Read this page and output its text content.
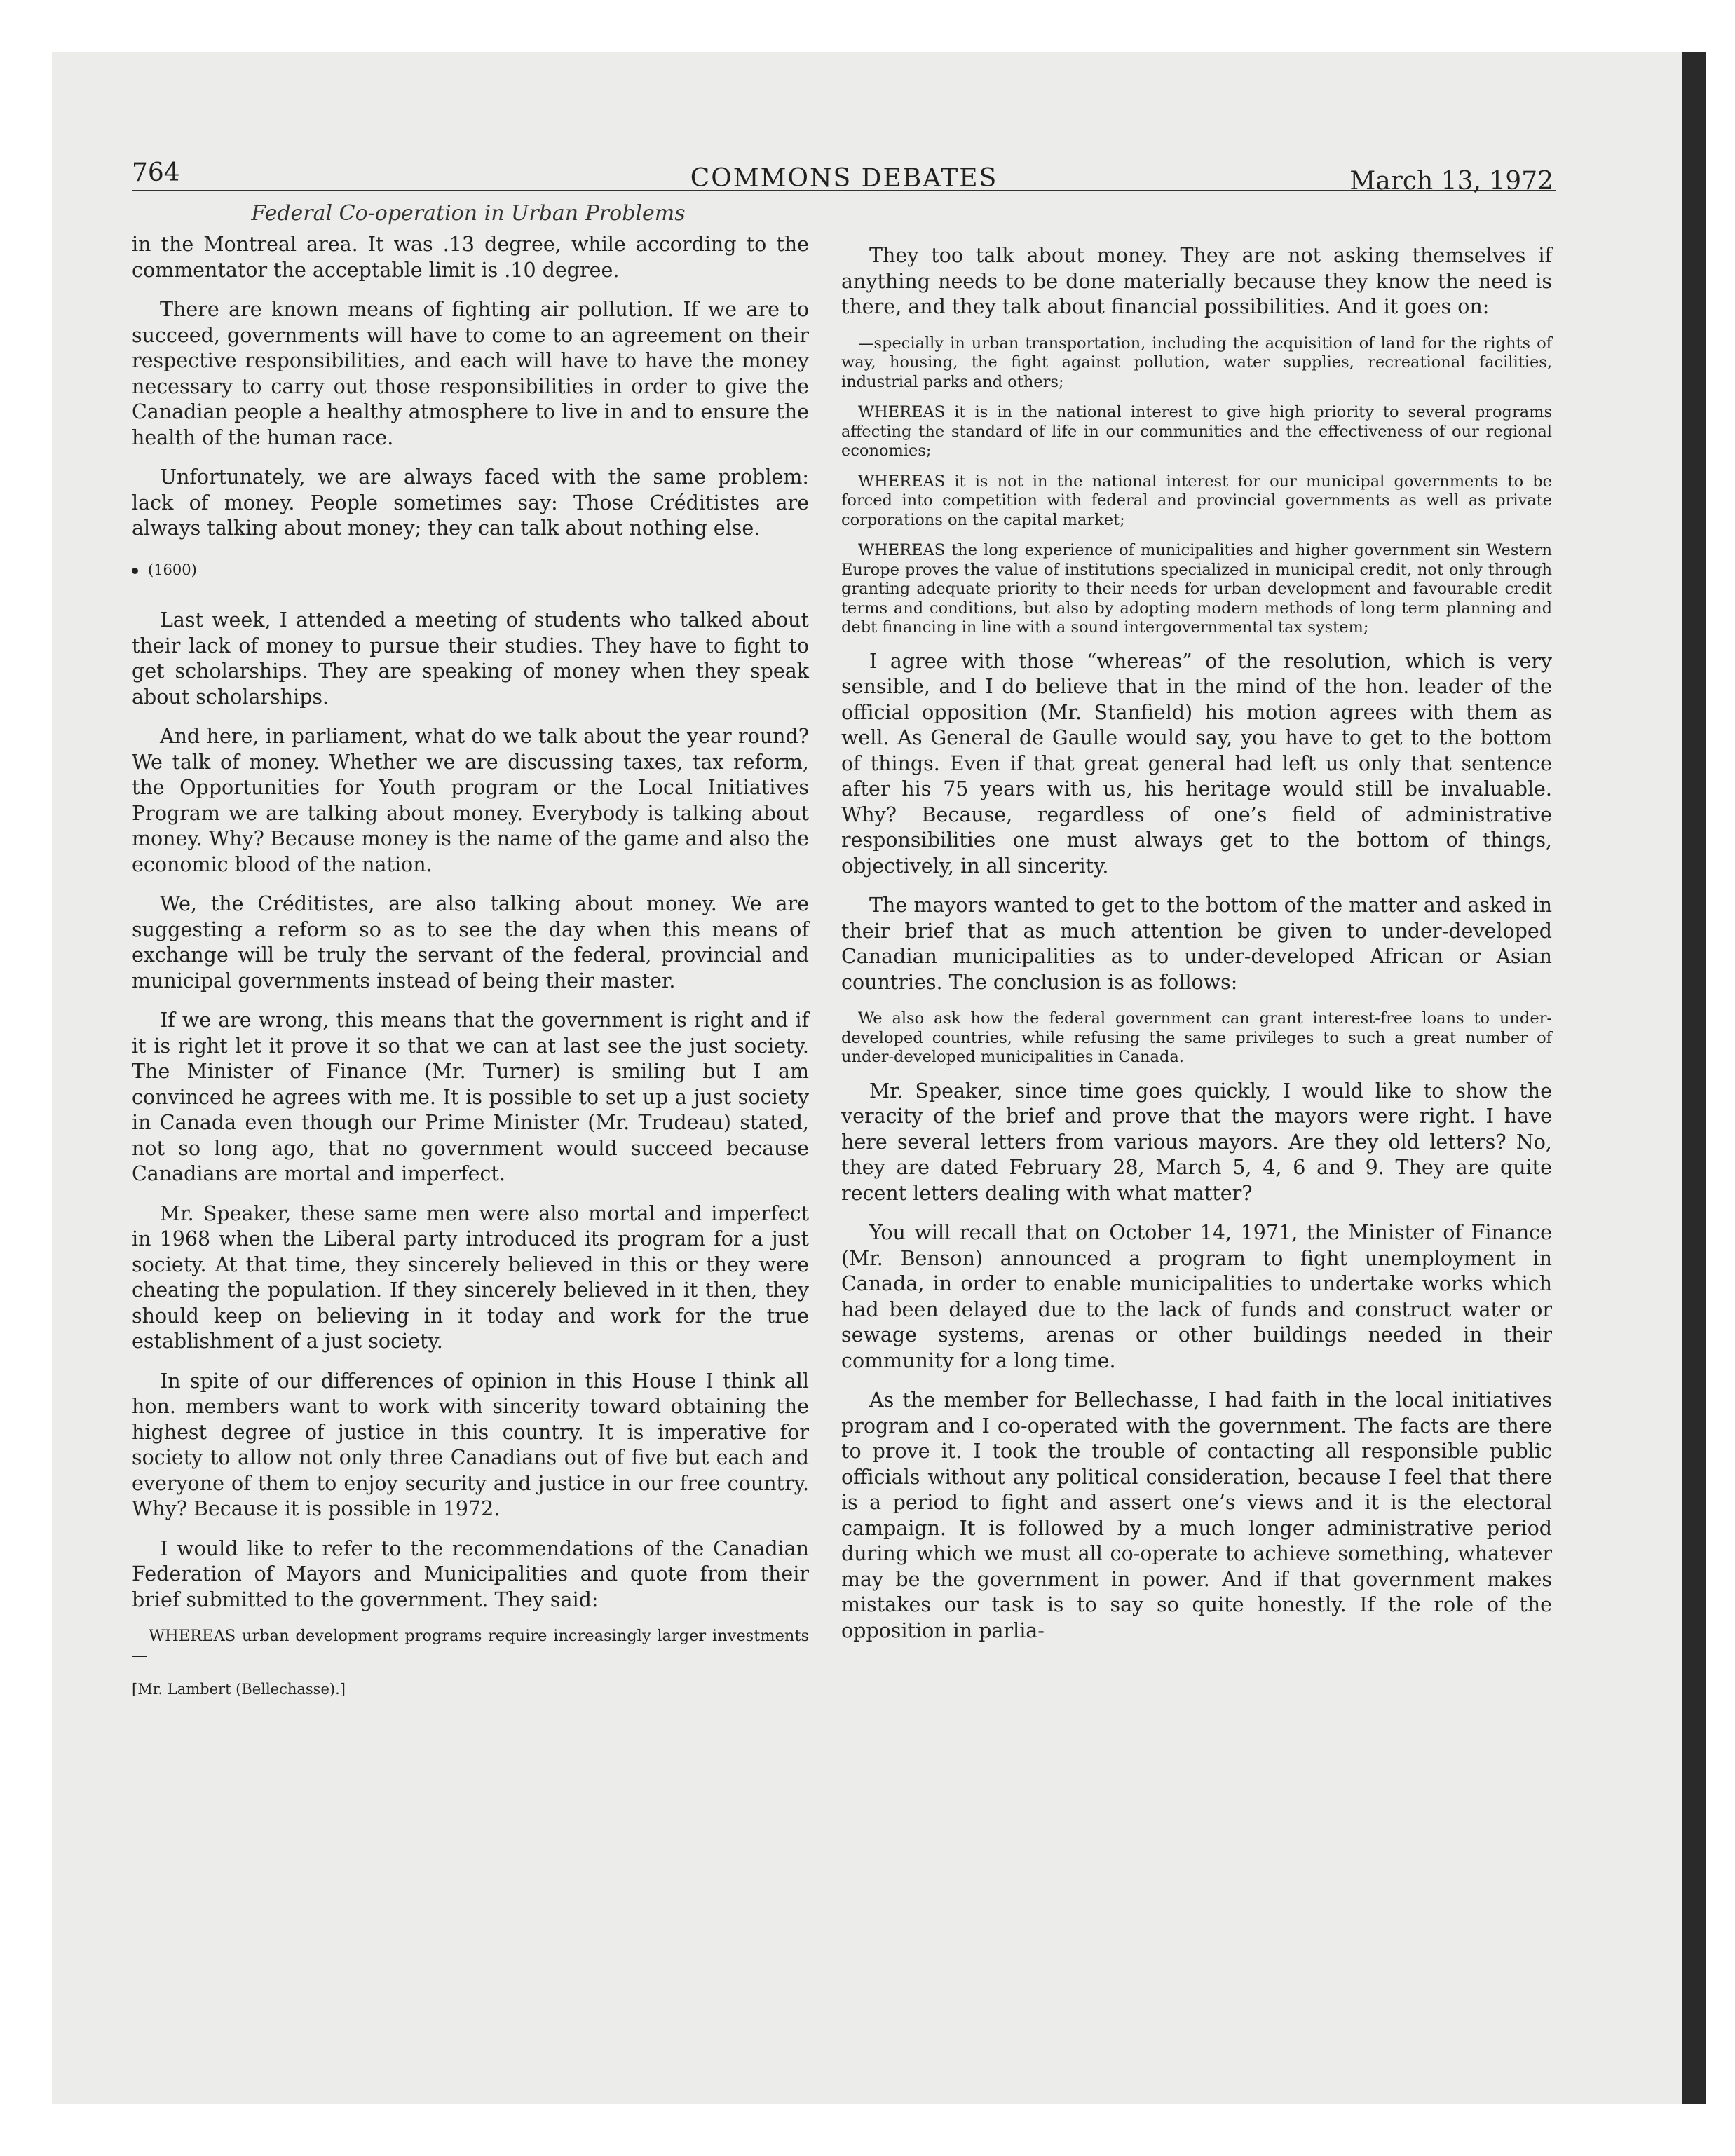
764	COMMONS DEBATES	March 13, 1972
Federal Co-operation in Urban Problems

in the Montreal area. It was .13 degree, while according to the commentator the acceptable limit is .10 degree.

There are known means of fighting air pollution. If we are to succeed, governments will have to come to an agreement on their respective responsibilities, and each will have to have the money necessary to carry out those responsibilities in order to give the Canadian people a healthy atmosphere to live in and to ensure the health of the human race.

Unfortunately, we are always faced with the same problem: lack of money. People sometimes say: Those Créditistes are always talking about money; they can talk about nothing else.

(1600)

Last week, I attended a meeting of students who talked about their lack of money to pursue their studies. They have to fight to get scholarships. They are speaking of money when they speak about scholarships.

And here, in parliament, what do we talk about the year round? We talk of money. Whether we are discussing taxes, tax reform, the Opportunities for Youth program or the Local Initiatives Program we are talking about money. Everybody is talking about money. Why? Because money is the name of the game and also the economic blood of the nation.

We, the Créditistes, are also talking about money. We are suggesting a reform so as to see the day when this means of exchange will be truly the servant of the federal, provincial and municipal governments instead of being their master.

If we are wrong, this means that the government is right and if it is right let it prove it so that we can at last see the just society. The Minister of Finance (Mr. Turner) is smiling but I am convinced he agrees with me. It is possible to set up a just society in Canada even though our Prime Minister (Mr. Trudeau) stated, not so long ago, that no government would succeed because Canadians are mortal and imperfect.

Mr. Speaker, these same men were also mortal and imperfect in 1968 when the Liberal party introduced its program for a just society. At that time, they sincerely believed in this or they were cheating the population. If they sincerely believed in it then, they should keep on believing in it today and work for the true establishment of a just society.

In spite of our differences of opinion in this House I think all hon. members want to work with sincerity toward obtaining the highest degree of justice in this country. It is imperative for society to allow not only three Canadians out of five but each and everyone of them to enjoy security and justice in our free country. Why? Because it is possible in 1972.

I would like to refer to the recommendations of the Canadian Federation of Mayors and Municipalities and quote from their brief submitted to the government. They said:

WHEREAS urban development programs require increasingly larger investments—

[Mr. Lambert (Bellechasse).]

They too talk about money. They are not asking themselves if anything needs to be done materially because they know the need is there, and they talk about financial possibilities. And it goes on:

—specially in urban transportation, including the acquisition of land for the rights of way, housing, the fight against pollution, water supplies, recreational facilities, industrial parks and others;

WHEREAS it is in the national interest to give high priority to several programs affecting the standard of life in our communities and the effectiveness of our regional economies;

WHEREAS it is not in the national interest for our municipal governments to be forced into competition with federal and provincial governments as well as private corporations on the capital market;

WHEREAS the long experience of municipalities and higher government sin Western Europe proves the value of institutions specialized in municipal credit, not only through granting adequate priority to their needs for urban development and favourable credit terms and conditions, but also by adopting modern methods of long term planning and debt financing in line with a sound intergovernmental tax system;

I agree with those “whereas” of the resolution, which is very sensible, and I do believe that in the mind of the hon. leader of the official opposition (Mr. Stanfield) his motion agrees with them as well. As General de Gaulle would say, you have to get to the bottom of things. Even if that great general had left us only that sentence after his 75 years with us, his heritage would still be invaluable. Why? Because, regardless of one’s field of administrative responsibilities one must always get to the bottom of things, objectively, in all sincerity.

The mayors wanted to get to the bottom of the matter and asked in their brief that as much attention be given to under-developed Canadian municipalities as to under-developed African or Asian countries. The conclusion is as follows:

We also ask how the federal government can grant interest-free loans to under-developed countries, while refusing the same privileges to such a great number of under-developed municipalities in Canada.

Mr. Speaker, since time goes quickly, I would like to show the veracity of the brief and prove that the mayors were right. I have here several letters from various mayors. Are they old letters? No, they are dated February 28, March 5, 4, 6 and 9. They are quite recent letters dealing with what matter?

You will recall that on October 14, 1971, the Minister of Finance (Mr. Benson) announced a program to fight unemployment in Canada, in order to enable municipalities to undertake works which had been delayed due to the lack of funds and construct water or sewage systems, arenas or other buildings needed in their community for a long time.

As the member for Bellechasse, I had faith in the local initiatives program and I co-operated with the government. The facts are there to prove it. I took the trouble of contacting all responsible public officials without any political consideration, because I feel that there is a period to fight and assert one’s views and it is the electoral campaign. It is followed by a much longer administrative period during which we must all co-operate to achieve something, whatever may be the government in power. And if that government makes mistakes our task is to say so quite honestly. If the role of the opposition in parlia-
